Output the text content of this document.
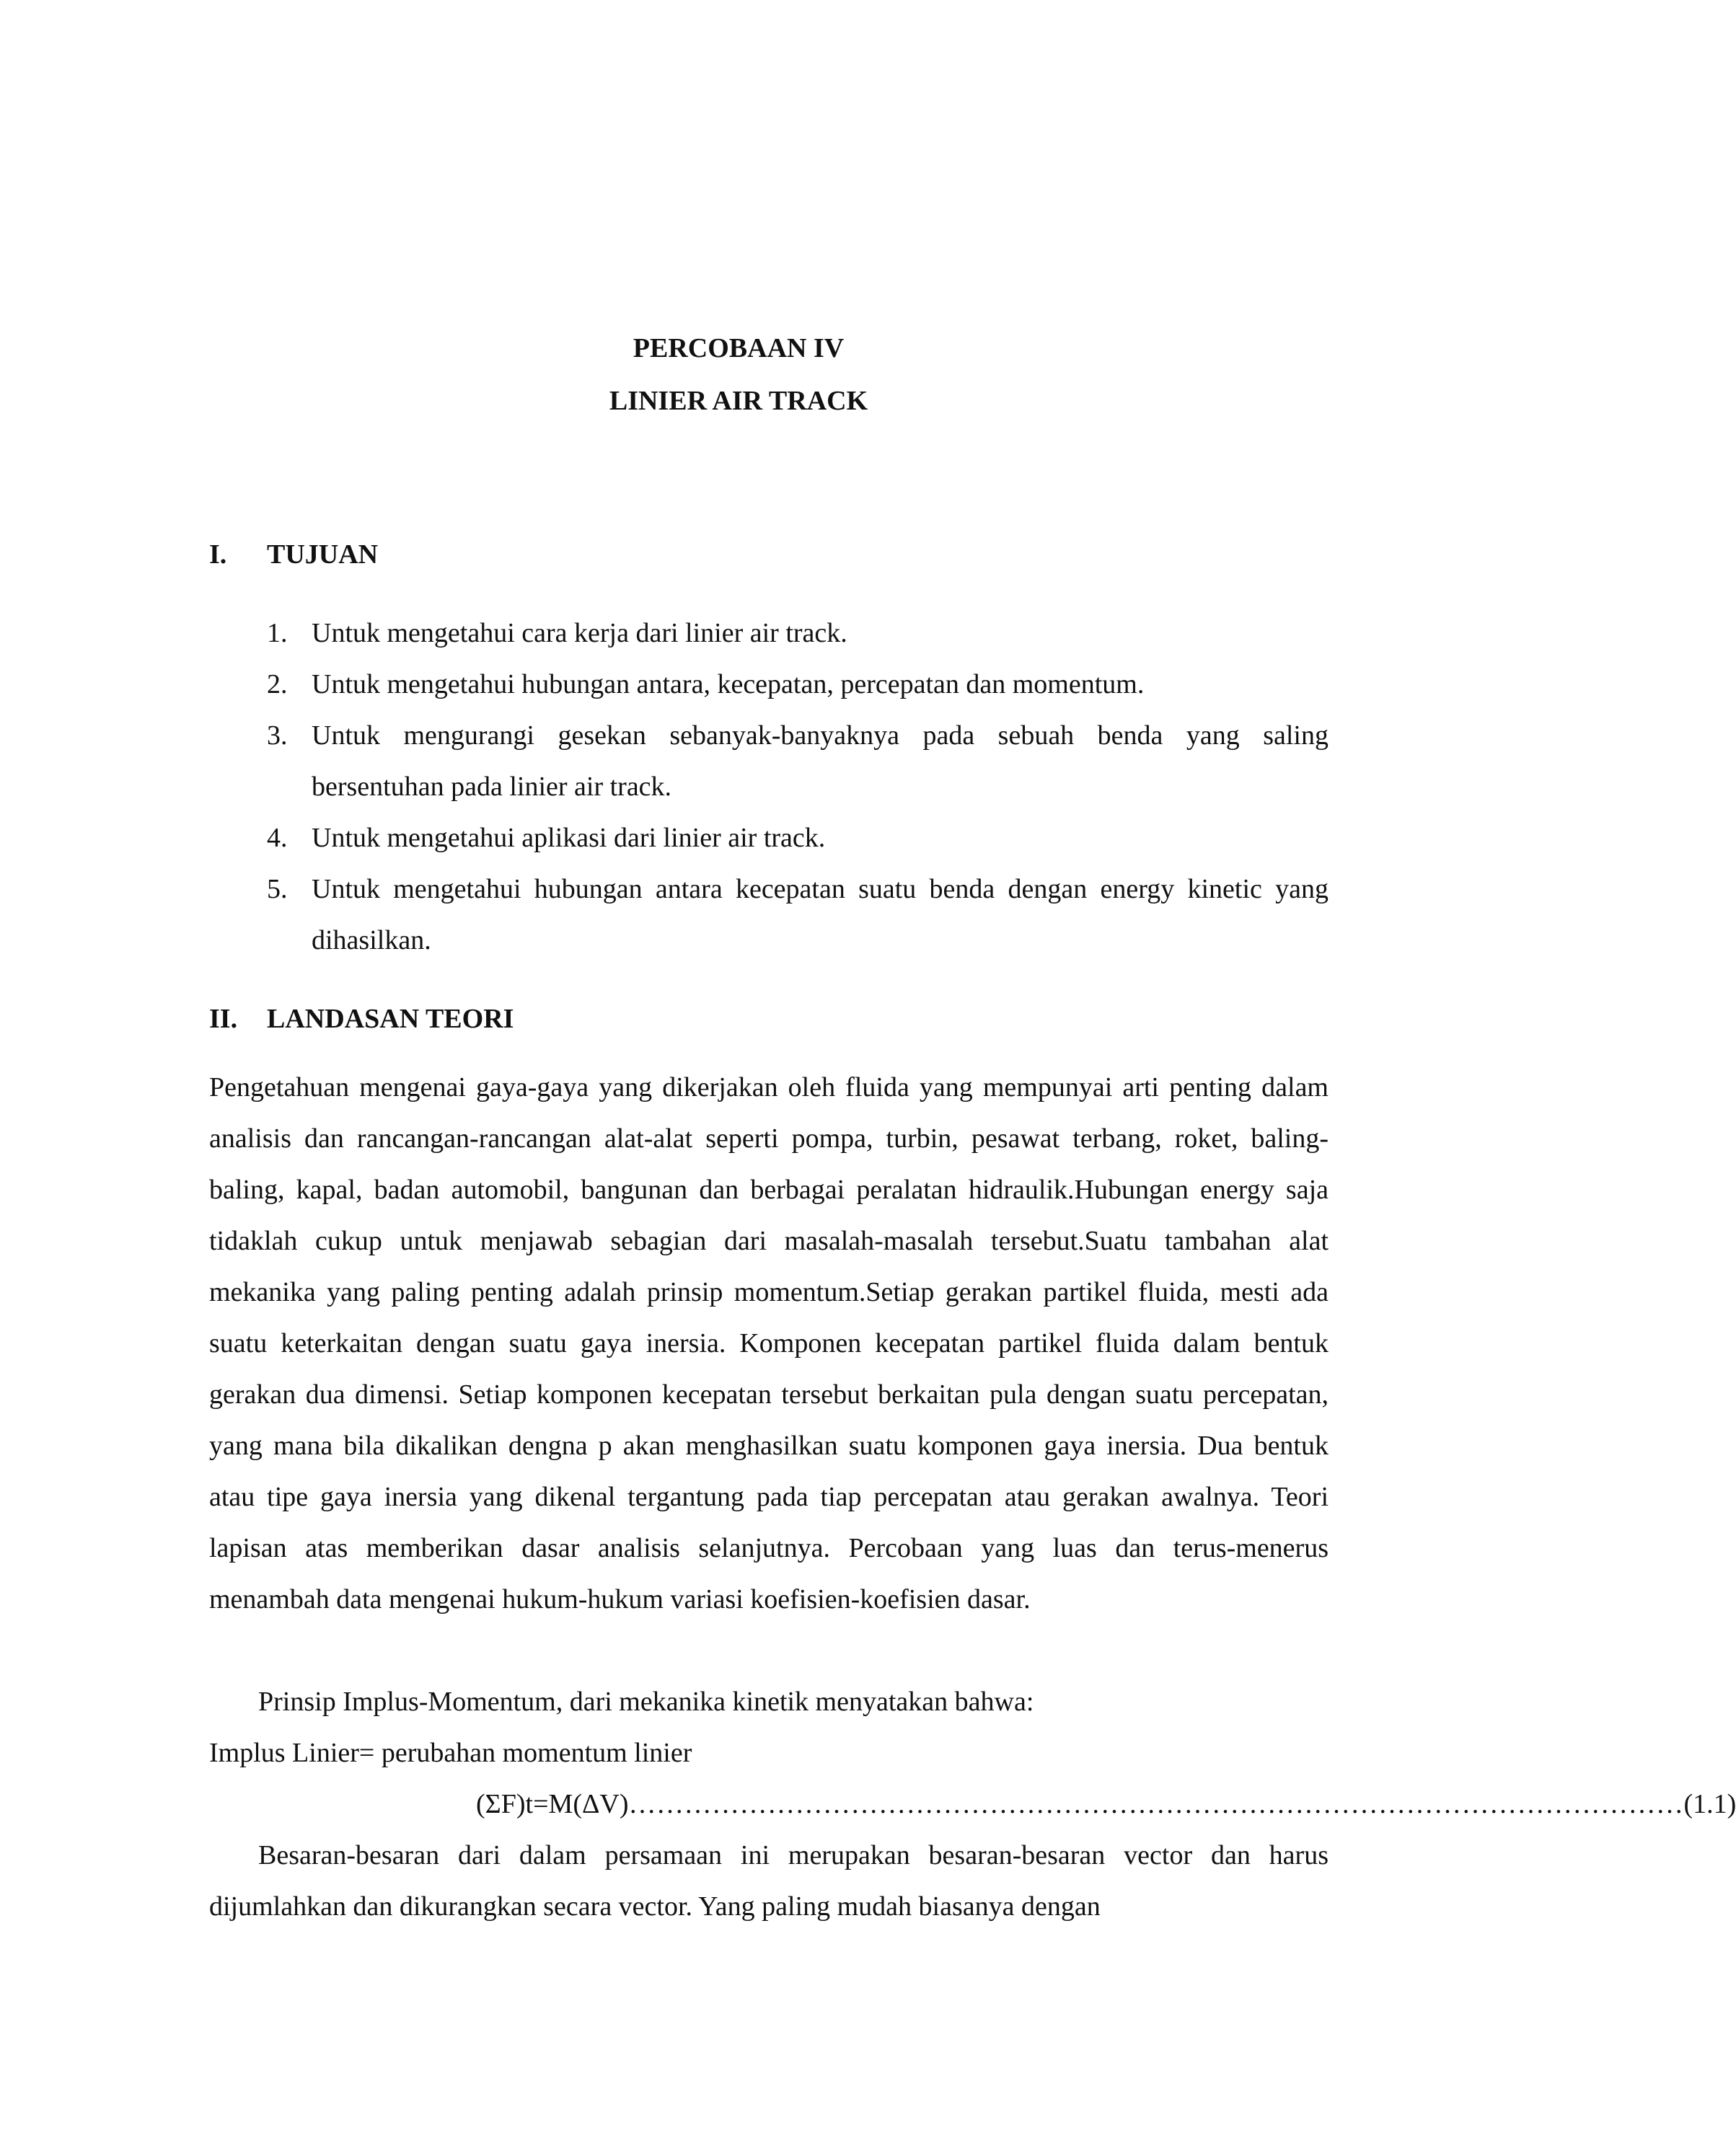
PERCOBAAN IV
LINIER AIR TRACK
I. TUJUAN
1. Untuk mengetahui cara kerja dari linier air track.
2. Untuk mengetahui hubungan antara, kecepatan, percepatan dan momentum.
3. Untuk mengurangi gesekan sebanyak-banyaknya pada sebuah benda yang saling bersentuhan pada linier air track.
4. Untuk mengetahui aplikasi dari linier air track.
5. Untuk mengetahui hubungan antara kecepatan suatu benda dengan energy kinetic yang dihasilkan.
II. LANDASAN TEORI

Pengetahuan mengenai gaya-gaya yang dikerjakan oleh fluida yang mempunyai arti penting dalam analisis dan rancangan-rancangan alat-alat seperti pompa, turbin, pesawat terbang, roket, baling-baling, kapal, badan automobil, bangunan dan berbagai peralatan hidraulik.Hubungan energy saja tidaklah cukup untuk menjawab sebagian dari masalah-masalah tersebut.Suatu tambahan alat mekanika yang paling penting adalah prinsip momentum.Setiap gerakan partikel fluida, mesti ada suatu keterkaitan dengan suatu gaya inersia. Komponen kecepatan partikel fluida dalam bentuk gerakan dua dimensi. Setiap komponen kecepatan tersebut berkaitan pula dengan suatu percepatan, yang mana bila dikalikan dengna p akan menghasilkan suatu komponen gaya inersia. Dua bentuk atau tipe gaya inersia yang dikenal tergantung pada tiap percepatan atau gerakan awalnya. Teori lapisan atas memberikan dasar analisis selanjutnya. Percobaan yang luas dan terus-menerus menambah data mengenai hukum-hukum variasi koefisien-koefisien dasar.

Prinsip Implus-Momentum, dari mekanika kinetik menyatakan bahwa:

Implus Linier= perubahan momentum linier

(ΣF)t=M(ΔV) …………………………………………………………………………………………………… (1.1)

Besaran-besaran dari dalam persamaan ini merupakan besaran-besaran vector dan harus dijumlahkan dan dikurangkan secara vector. Yang paling mudah biasanya dengan
